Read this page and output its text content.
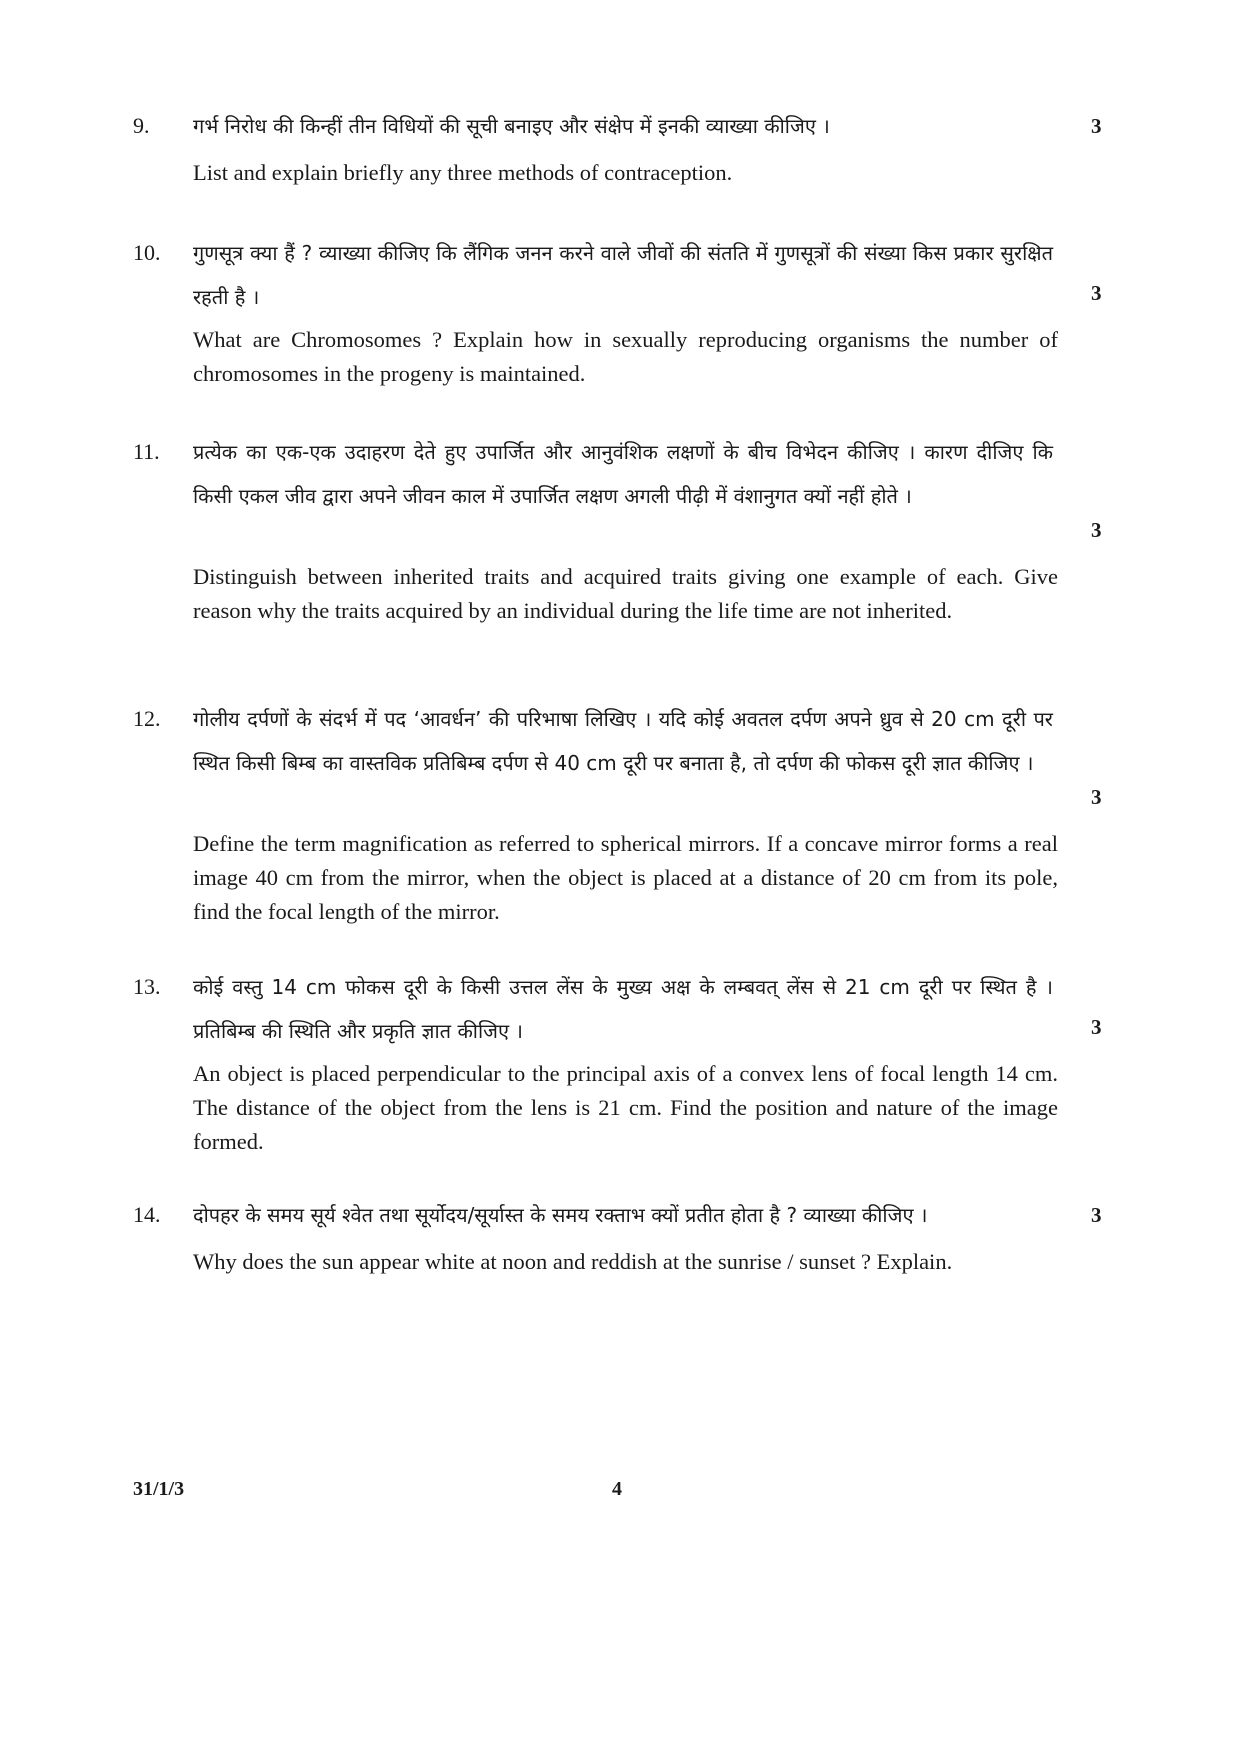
9. गर्भ निरोध की किन्हीं तीन विधियों की सूची बनाइए और संक्षेप में इनकी व्याख्या कीजिए ।	3
List and explain briefly any three methods of contraception.
10. गुणसूत्र क्या हैं ? व्याख्या कीजिए कि लैंगिक जनन करने वाले जीवों की संतति में गुणसूत्रों की संख्या किस प्रकार सुरक्षित रहती है ।	3
What are Chromosomes ? Explain how in sexually reproducing organisms the number of chromosomes in the progeny is maintained.
11. प्रत्येक का एक-एक उदाहरण देते हुए उपार्जित और आनुवंशिक लक्षणों के बीच विभेदन कीजिए । कारण दीजिए कि किसी एकल जीव द्वारा अपने जीवन काल में उपार्जित लक्षण अगली पीढ़ी में वंशानुगत क्यों नहीं होते ।
3
Distinguish between inherited traits and acquired traits giving one example of each. Give reason why the traits acquired by an individual during the life time are not inherited.
12. गोलीय दर्पणों के संदर्भ में पद ‘आवर्धन’ की परिभाषा लिखिए । यदि कोई अवतल दर्पण अपने ध्रुव से 20 cm दूरी पर स्थित किसी बिम्ब का वास्तविक प्रतिबिम्ब दर्पण से 40 cm दूरी पर बनाता है, तो दर्पण की फोकस दूरी ज्ञात कीजिए ।
3
Define the term magnification as referred to spherical mirrors. If a concave mirror forms a real image 40 cm from the mirror, when the object is placed at a distance of 20 cm from its pole, find the focal length of the mirror.
13. कोई वस्तु 14 cm फोकस दूरी के किसी उत्तल लेंस के मुख्य अक्ष के लम्बवत् लेंस से 21 cm दूरी पर स्थित है । प्रतिबिम्ब की स्थिति और प्रकृति ज्ञात कीजिए ।	3
An object is placed perpendicular to the principal axis of a convex lens of focal length 14 cm. The distance of the object from the lens is 21 cm. Find the position and nature of the image formed.
14. दोपहर के समय सूर्य श्वेत तथा सूर्योदय/सूर्यास्त के समय रक्ताभ क्यों प्रतीत होता है ? व्याख्या कीजिए ।	3
Why does the sun appear white at noon and reddish at the sunrise / sunset ? Explain.
31/1/3	4
